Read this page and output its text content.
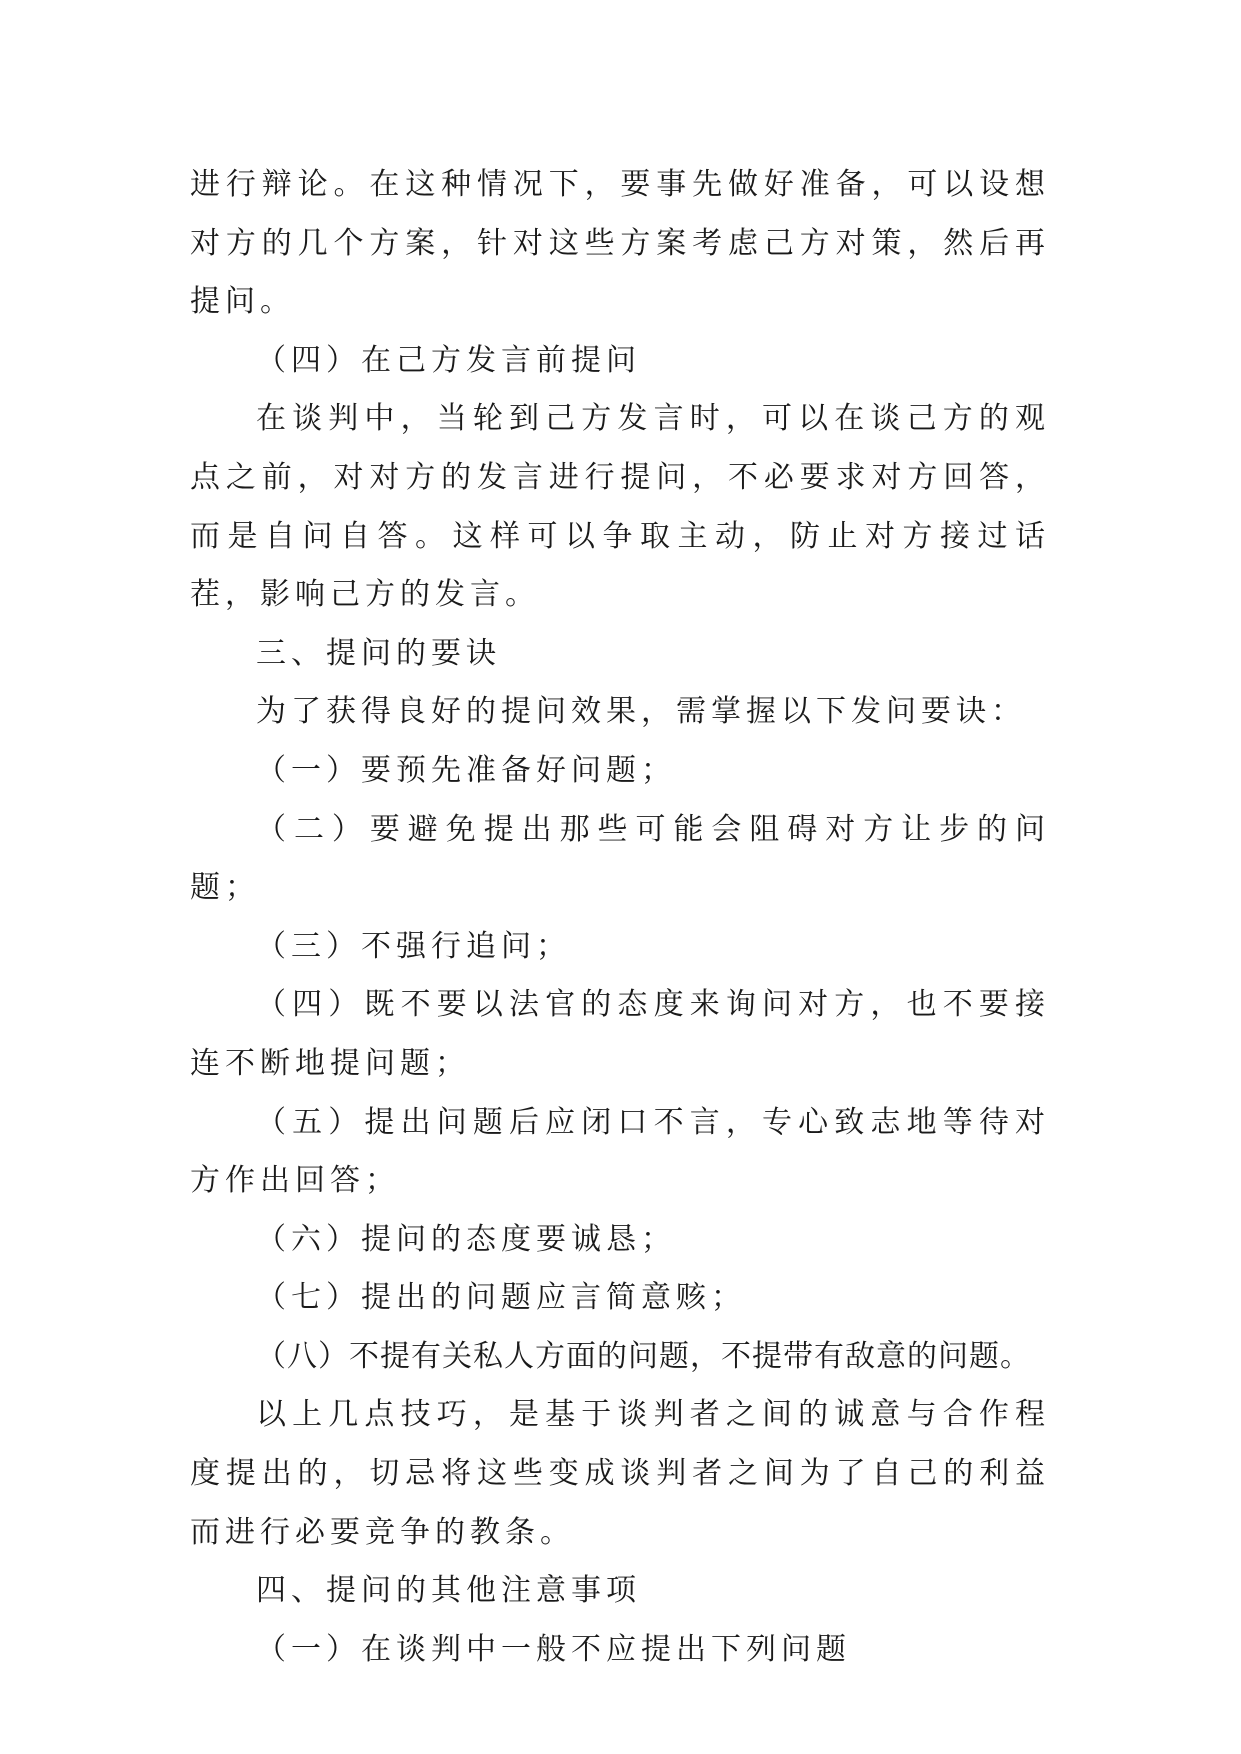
进行辩论。在这种情况下，要事先做好准备，可以设想对方的几个方案，针对这些方案考虑己方对策，然后再提问。

（四）在己方发言前提问

在谈判中，当轮到己方发言时，可以在谈己方的观点之前，对对方的发言进行提问，不必要求对方回答，而是自问自答。这样可以争取主动，防止对方接过话茬，影响己方的发言。

三、提问的要诀

为了获得良好的提问效果，需掌握以下发问要诀：

（一）要预先准备好问题；

（二）要避免提出那些可能会阻碍对方让步的问题；

（三）不强行追问；

（四）既不要以法官的态度来询问对方，也不要接连不断地提问题；

（五）提出问题后应闭口不言，专心致志地等待对方作出回答；

（六）提问的态度要诚恳；

（七）提出的问题应言简意赅；

（八）不提有关私人方面的问题，不提带有敌意的问题。

以上几点技巧，是基于谈判者之间的诚意与合作程度提出的，切忌将这些变成谈判者之间为了自己的利益而进行必要竞争的教条。

四、提问的其他注意事项

（一）在谈判中一般不应提出下列问题
